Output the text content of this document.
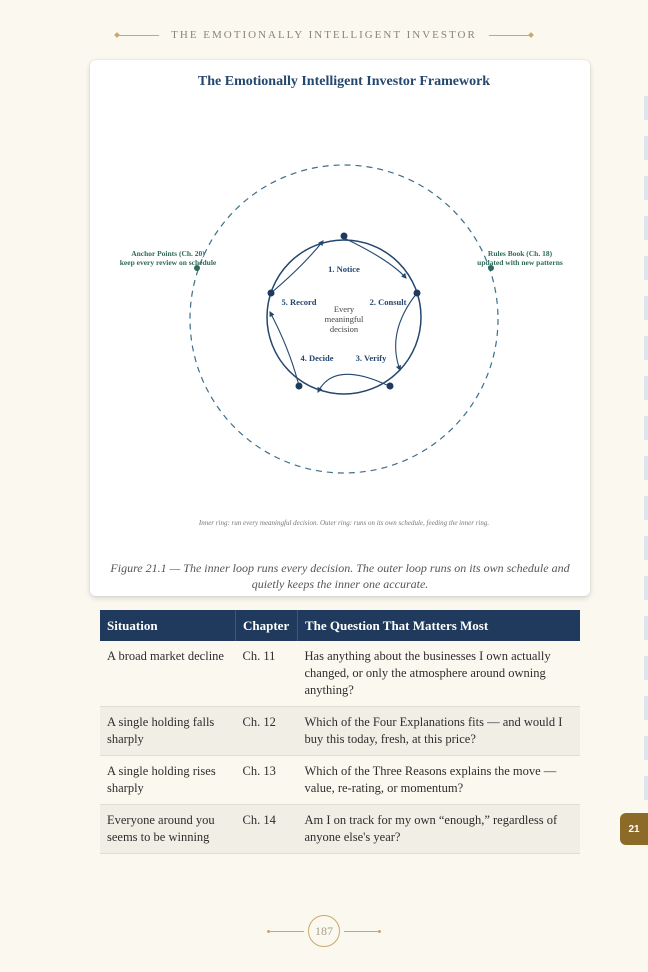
THE EMOTIONALLY INTELLIGENT INVESTOR
21
The Emotionally Intelligent Investor Framework
1. Notice
2. Consult
3. Verify
4. Decide
5. Record
Every
meaningful
decision
Anchor Points (Ch. 20)
keep every review on schedule
Rules Book (Ch. 18)
updated with new patterns
Inner ring: run every meaningful decision. Outer ring: runs on its own schedule, feeding the inner ring.
Figure 21.1 — The inner loop runs every decision. The outer loop runs on its own schedule and quietly keeps the inner one accurate.
Situation	Chapter	The Question That Matters Most
A broad market decline	Ch. 11	Has anything about the businesses I own actually changed, or only the atmosphere around owning anything?
A single holding falls sharply	Ch. 12	Which of the Four Explanations fits — and would I buy this today, fresh, at this price?
A single holding rises sharply	Ch. 13	Which of the Three Reasons explains the move — value, re-rating, or momentum?
Everyone around you seems to be winning	Ch. 14	Am I on track for my own “enough,” regardless of anyone else's year?
187
